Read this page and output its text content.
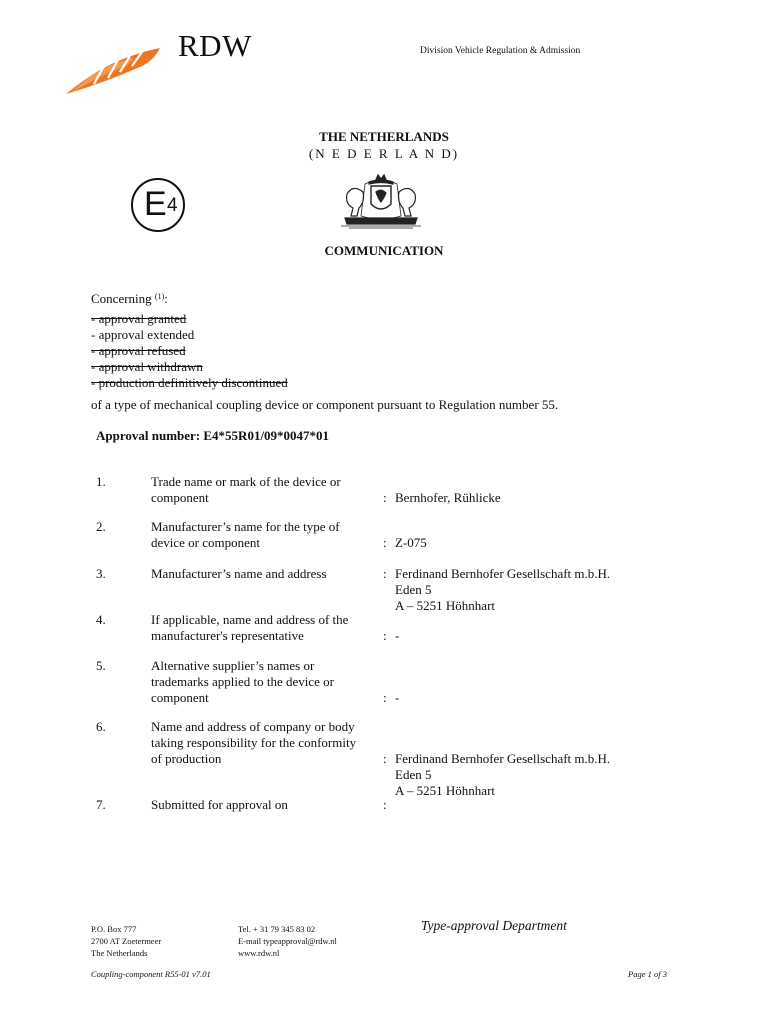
RDW	Division Vehicle Regulation & Admission
THE NETHERLANDS
(N E D E R L A N D)
E 4
COMMUNICATION
Concerning $^{(1)}$:
- approval granted
- approval extended
- approval refused
- approval withdrawn
- production definitively discontinued
of a type of mechanical coupling device or component pursuant to Regulation number 55.
Approval number: E4*55R01/09*0047*01
1.	Trade name or mark of the device or
component	: Bernhofer, Rühlicke
2.	Manufacturer’s name for the type of
device or component	: Z-075
3.	Manufacturer’s name and address	: Ferdinand Bernhofer Gesellschaft m.b.H.
Eden 5
A – 5251 Höhnhart
4.	If applicable, name and address of the
manufacturer's representative	: -
5.	Alternative supplier’s names or
trademarks applied to the device or
component	: -
6.	Name and address of company or body
taking responsibility for the conformity
of production	: Ferdinand Bernhofer Gesellschaft m.b.H.
Eden 5
A – 5251 Höhnhart
7.	Submitted for approval on	:
P.O. Box 777
2700 AT Zoetermeer
The Netherlands
Tel. + 31 79 345 83 02
E-mail typeapproval@rdw.nl
www.rdw.nl
Type-approval Department
Coupling-component R55-01 v7.01	Page 1 of 3
